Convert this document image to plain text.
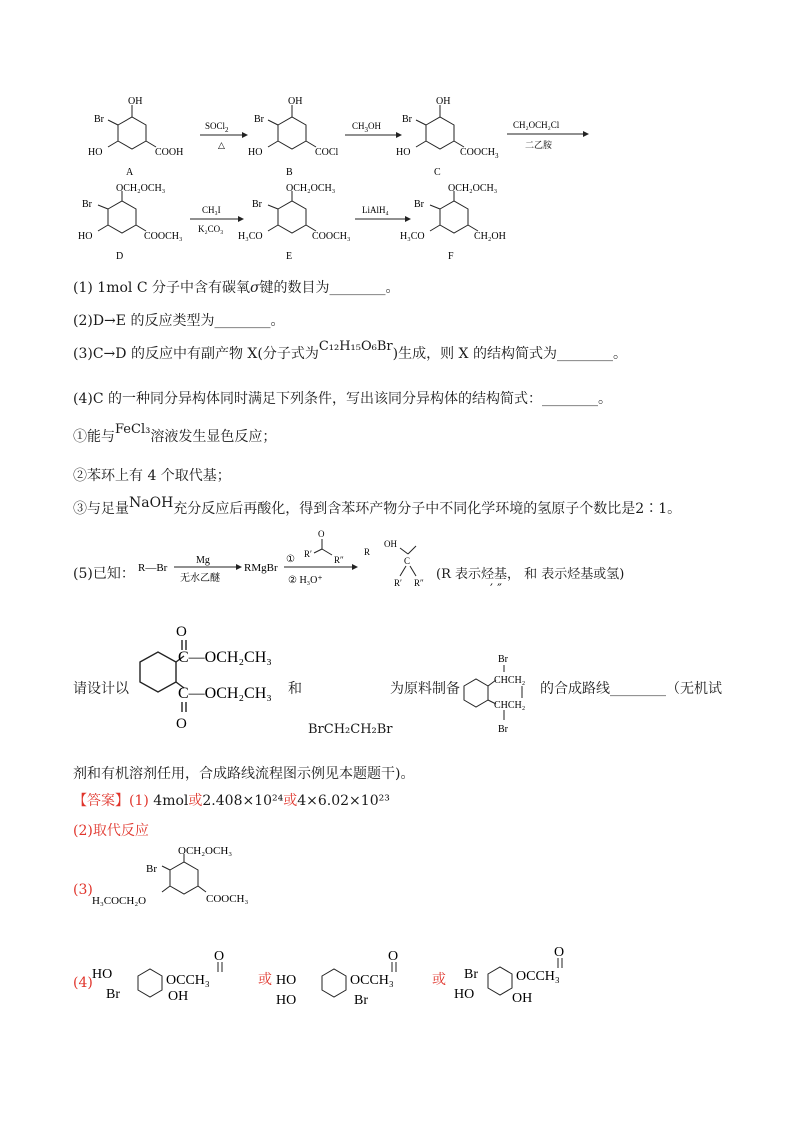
OH
Br
HO	COOH
A
SOCl$_2$
△
OH
Br
HO	COCl
B
$CH_3OH$
OH
Br
HO	$COOCH_3$
C
CH₂OCH₂Cl
二乙胺
OCH₂OCH₃
Br
HO	COOCH₃
D
CH₃I
K₂CO₃
OCH₂OCH₃
Br
H₃CO	COOCH₃
E
LiAlH₄
OCH₂OCH₃
Br
H₃CO	CH₂OH
F
(1) 1mol C 分子中含有碳氧σ键的数目为________。
(2)D→E 的反应类型为________。
(3)C→D 的反应中有副产物 X(分子式为C₁₂H₁₅O₆Br)生成，则 X 的结构简式为________。
(4)C 的一种同分异构体同时满足下列条件，写出该同分异构体的结构简式：________。
①能与FeCl₃溶液发生显色反应；
②苯环上有 4 个取代基；
③与足量NaOH充分反应后再酸化，得到含苯环产物分子中不同化学环境的氢原子个数比是2∶1。
(5)已知： R—Br
Mg
无水乙醚
RMgBr
① R′
O
R″
② H₃O⁺
R
OH
C
R′ R″
(R 表示烃基， 和 表示烃基或氢)
′ ″
请设计以
O
C—OCH₂CH₃
C—OCH₂CH₃
O
和
BrCH₂CH₂Br
为原料制备
Br
CHCH₂
CHCH₂
Br
的合成路线________（无机试
剂和有机溶剂任用，合成路线流程图示例见本题题干)。
【答案】(1) 4mol或2.408×10²⁴或4×6.02×10²³
(2)取代反应
(3)
OCH₂OCH₃
Br
H₃COCH₂O	COOCH₃
(4)
HO
Br	OH
O
OCCH₃	或 HO
HO	Br
O
OCCH₃	或 Br
HO	OH
O
OCCH₃
